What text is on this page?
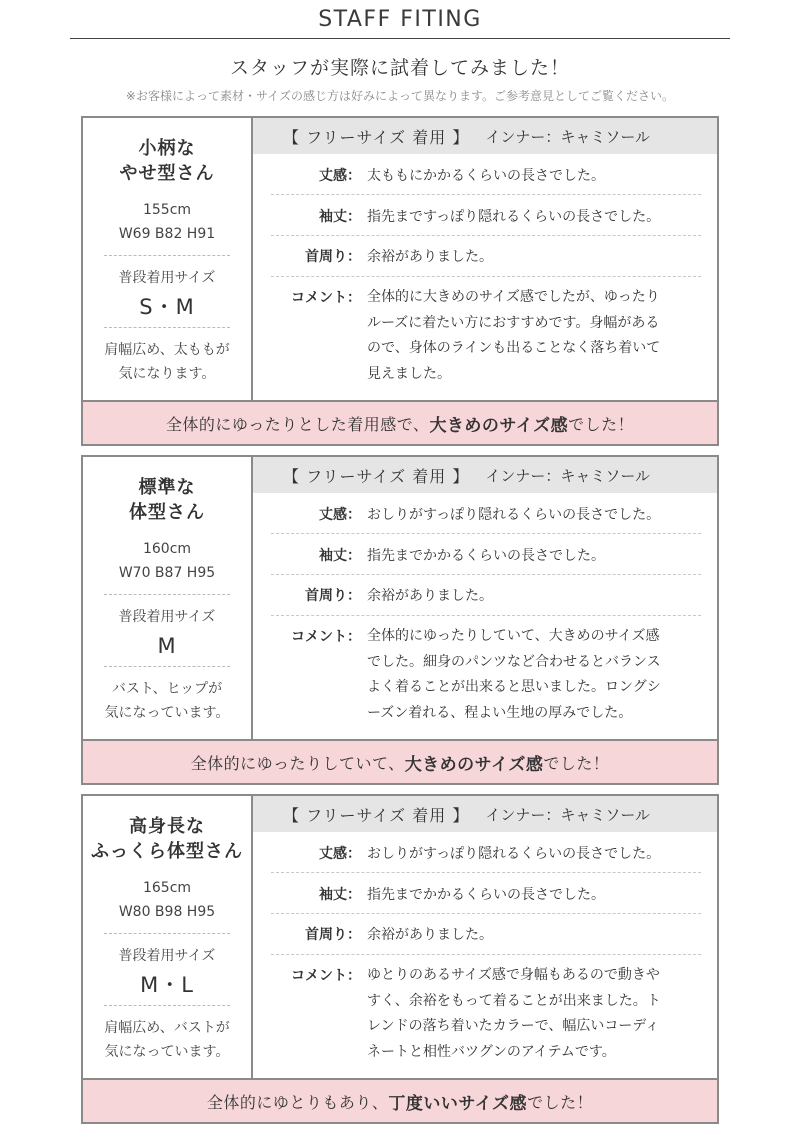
STAFF FITING
スタッフが実際に試着してみました！
※お客様によって素材・サイズの感じ方は好みによって異なります。ご参考意見としてご覧ください。
小柄な
やせ型さん
155cm
W69 B82 H91
普段着用サイズ
S・M
肩幅広め、太ももが
気になります。
【 フリーサイズ 着用 】 インナー：キャミソール
丈感： 太ももにかかるくらいの長さでした。
袖丈： 指先まですっぽり隠れるくらいの長さでした。
首周り： 余裕がありました。
コメント： 全体的に大きめのサイズ感でしたが、ゆったり
ルーズに着たい方におすすめです。身幅がある
ので、身体のラインも出ることなく落ち着いて
見えました。
全体的にゆったりとした着用感で、 大きめのサイズ感 でした！
標準な
体型さん
160cm
W70 B87 H95
普段着用サイズ
M
バスト、ヒップが
気になっています。
【 フリーサイズ 着用 】 インナー：キャミソール
丈感： おしりがすっぽり隠れるくらいの長さでした。
袖丈： 指先までかかるくらいの長さでした。
首周り： 余裕がありました。
コメント： 全体的にゆったりしていて、大きめのサイズ感
でした。細身のパンツなど合わせるとバランス
よく着ることが出来ると思いました。ロングシ
ーズン着れる、程よい生地の厚みでした。
全体的にゆったりしていて、 大きめのサイズ感 でした！
高身長な
ふっくら体型さん
165cm
W80 B98 H95
普段着用サイズ
M・L
肩幅広め、バストが
気になっています。
【 フリーサイズ 着用 】 インナー：キャミソール
丈感： おしりがすっぽり隠れるくらいの長さでした。
袖丈： 指先までかかるくらいの長さでした。
首周り： 余裕がありました。
コメント： ゆとりのあるサイズ感で身幅もあるので動きや
すく、余裕をもって着ることが出来ました。ト
レンドの落ち着いたカラーで、幅広いコーディ
ネートと相性バツグンのアイテムです。
全体的にゆとりもあり、 丁度いいサイズ感 でした！
